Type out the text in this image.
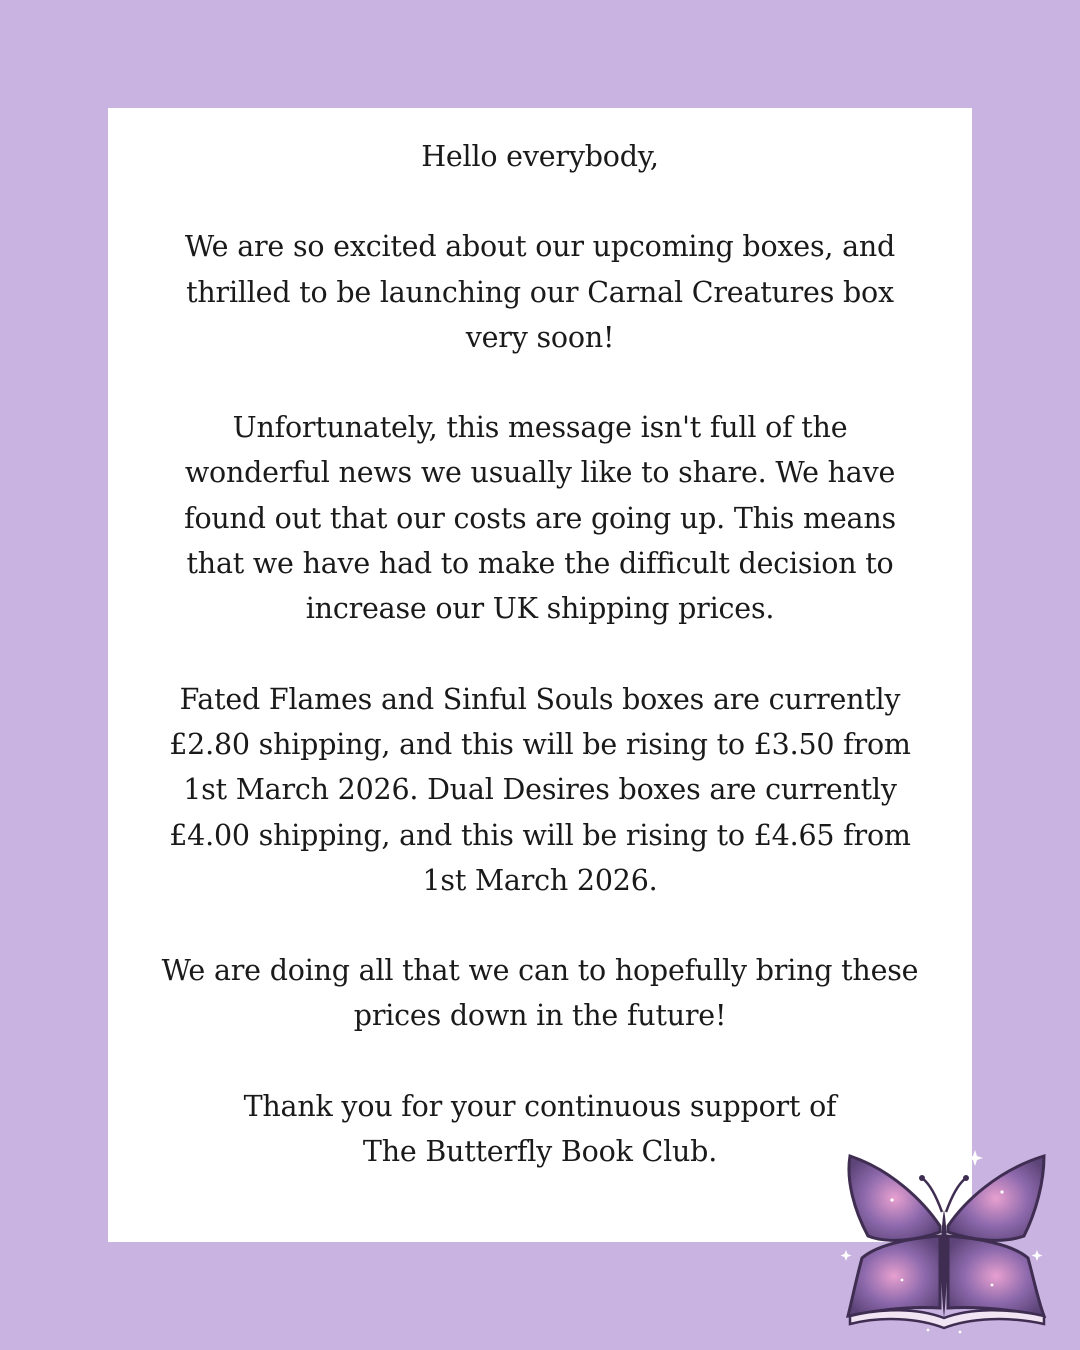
Hello everybody,

We are so excited about our upcoming boxes, and
thrilled to be launching our Carnal Creatures box
very soon!

Unfortunately, this message isn't full of the
wonderful news we usually like to share. We have
found out that our costs are going up. This means
that we have had to make the difficult decision to
increase our UK shipping prices.

Fated Flames and Sinful Souls boxes are currently
£2.80 shipping, and this will be rising to £3.50 from
1st March 2026. Dual Desires boxes are currently
£4.00 shipping, and this will be rising to £4.65 from
1st March 2026.

We are doing all that we can to hopefully bring these
prices down in the future!

Thank you for your continuous support of
The Butterfly Book Club.
